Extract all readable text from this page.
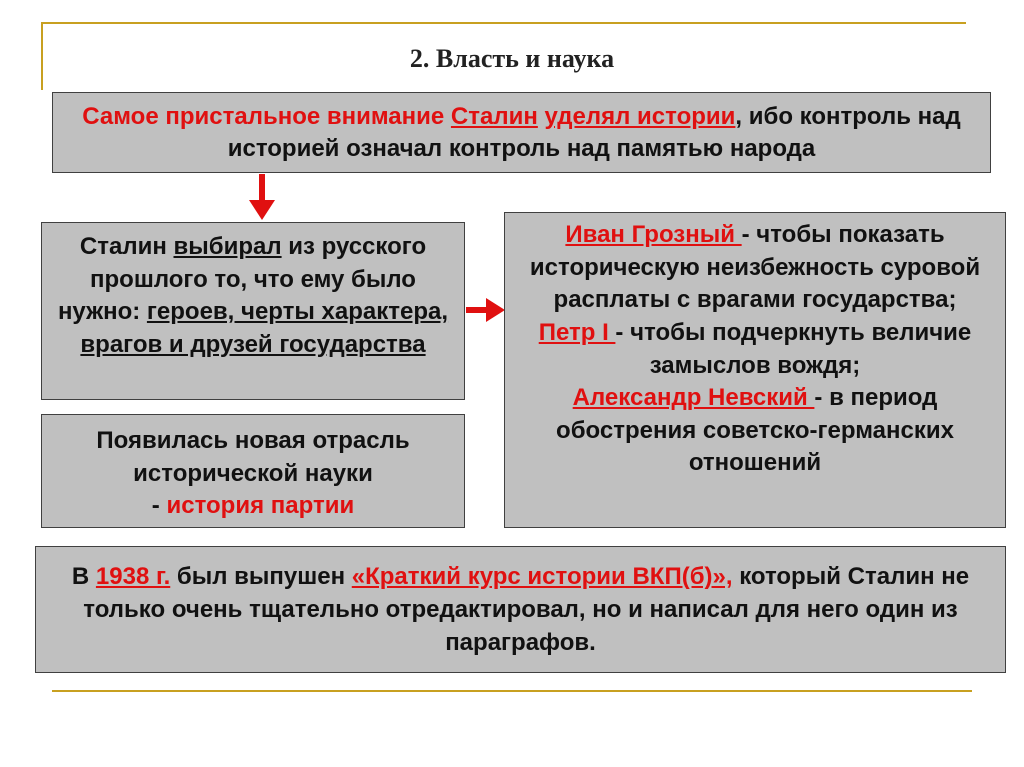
2. Власть и наука
Самое пристальное внимание Сталин уделял истории, ибо контроль над историей означал контроль над памятью народа
Сталин выбирал из русского прошлого то, что ему было нужно: героев, черты характера, врагов и друзей государства
Появилась новая отрасль исторической науки
- история партии
Иван Грозный - чтобы показать историческую неизбежность суровой расплаты с врагами государства;
Петр I - чтобы подчеркнуть величие замыслов вождя;
Александр Невский - в период обострения советско-германских отношений
В 1938 г. был выпушен «Краткий курс истории ВКП(б)», который Сталин не только очень тщательно отредактировал, но и написал для него один из параграфов.
